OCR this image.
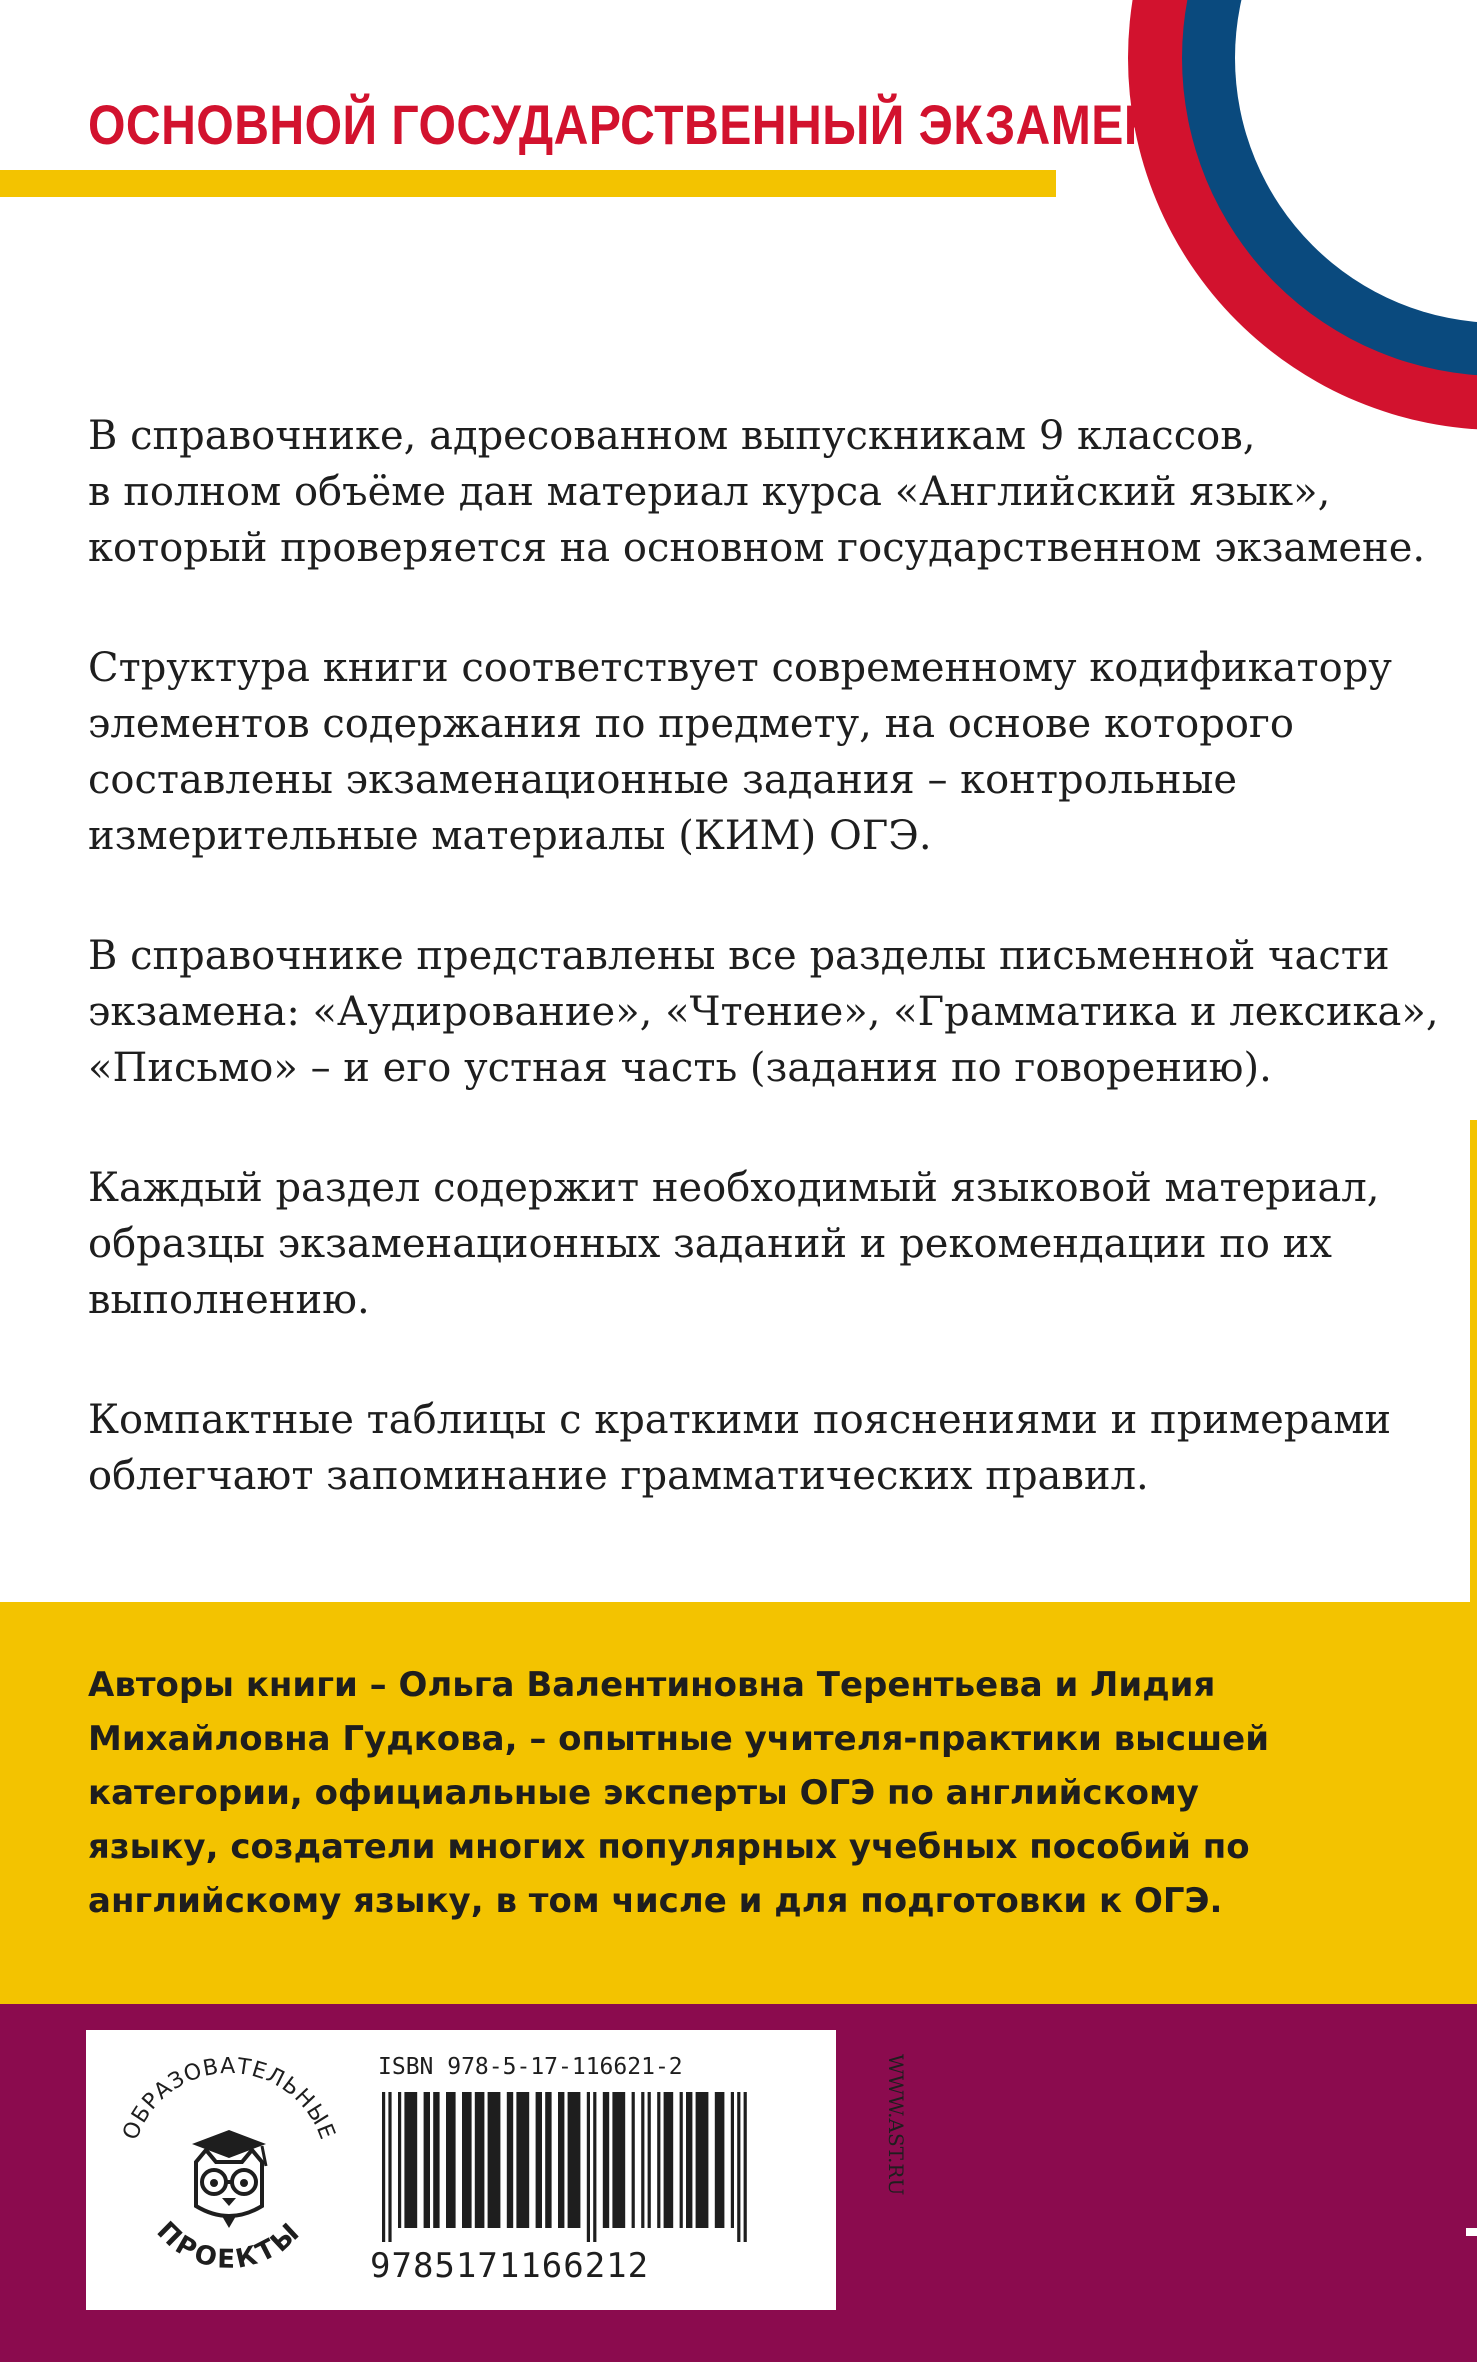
ОСНОВНОЙ ГОСУДАРСТВЕННЫЙ ЭКЗАМЕН

В справочнике, адресованном выпускникам 9 классов,
в полном объёме дан материал курса «Английский язык»,
который проверяется на основном государственном экзамене.

Структура книги соответствует современному кодификатору
элементов содержания по предмету, на основе которого
составлены экзаменационные задания – контрольные
измерительные материалы (КИМ) ОГЭ.

В справочнике представлены все разделы письменной части
экзамена: «Аудирование», «Чтение», «Грамматика и лексика»,
«Письмо» – и его устная часть (задания по говорению).

Каждый раздел содержит необходимый языковой материал,
образцы экзаменационных заданий и рекомендации по их
выполнению.

Компактные таблицы с краткими пояснениями и примерами
облегчают запоминание грамматических правил.

Авторы книги – Ольга Валентиновна Терентьева и Лидия
Михайловна Гудкова, – опытные учителя-практики высшей
категории, официальные эксперты ОГЭ по английскому
языку, создатели многих популярных учебных пособий по
английскому языку, в том числе и для подготовки к ОГЭ.
ОБРАЗОВАТЕЛЬНЫЕ
ПРОЕКТЫ
ISBN 978-5-17-116621-2
9785171166212
WWW.AST.RU
